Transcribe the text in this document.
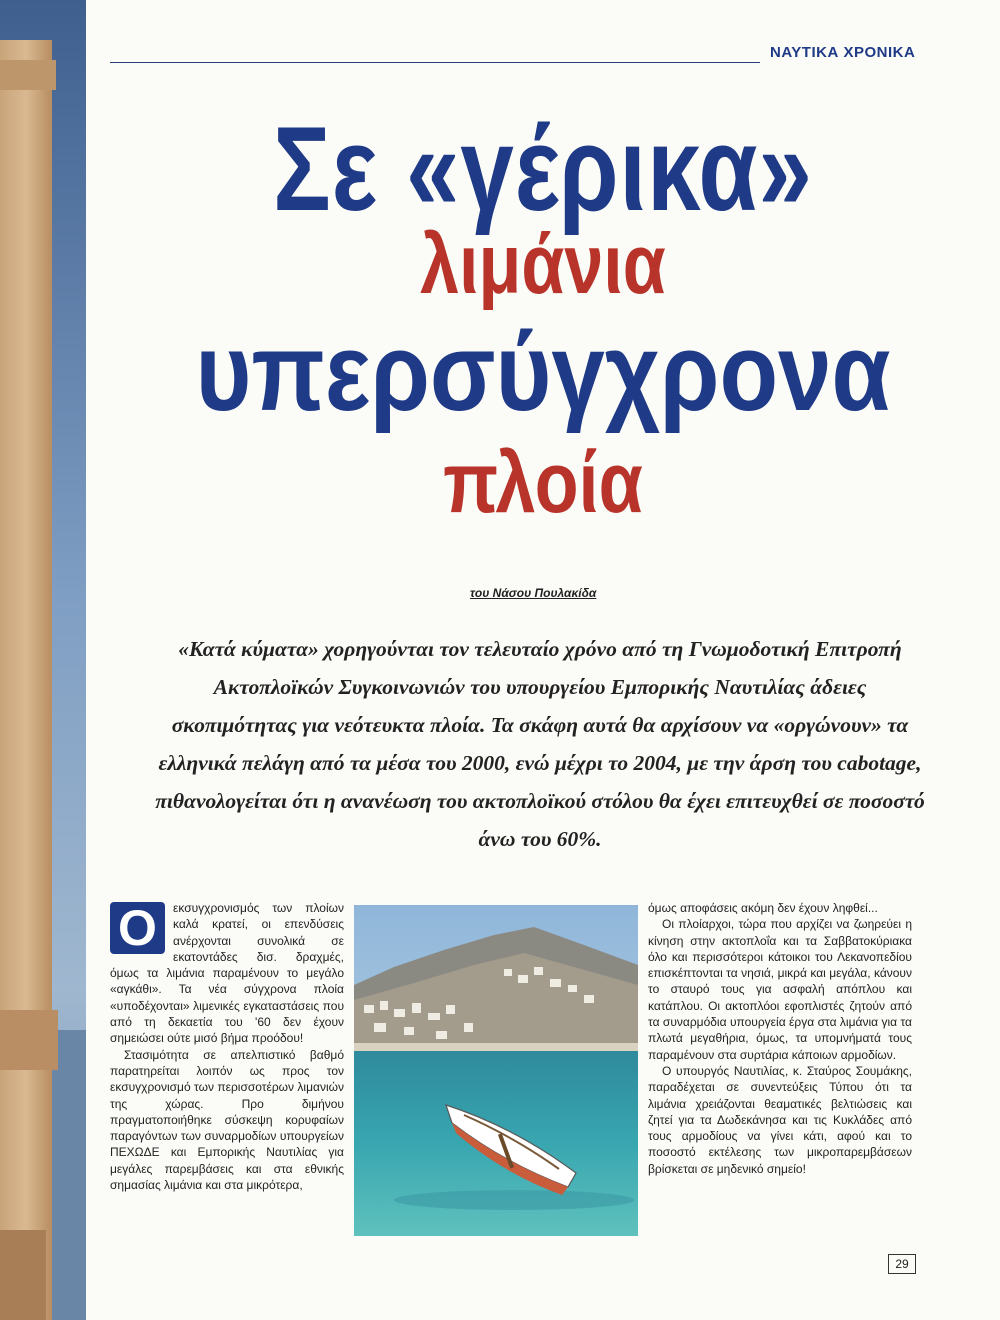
ΝΑΥΤΙΚΑ ΧΡΟΝΙΚΑ
Σε «γέρικα»
λιμάνια
υπερσύγχρονα
πλοία
του Νάσου Πουλακίδα
«Κατά κύματα» χορηγούνται τον τελευταίο χρόνο από τη Γνωμοδοτική Επιτροπή Ακτοπλοϊκών Συγκοινωνιών του υπουργείου Εμπορικής Ναυτιλίας άδειες σκοπιμότητας για νεότευκτα πλοία. Τα σκάφη αυτά θα αρχίσουν να «οργώνουν» τα ελληνικά πελάγη από τα μέσα του 2000, ενώ μέχρι το 2004, με την άρση του cabotage, πιθανολογείται ότι η ανανέωση του ακτοπλοϊκού στόλου θα έχει επιτευχθεί σε ποσοστό άνω του 60%.
Ο	εκσυγχρονισμός των πλοίων καλά κρατεί, οι επενδύσεις ανέρχονται συνολικά σε εκατοντάδες δισ. δραχμές, όμως τα λιμάνια παραμένουν το μεγάλο «αγκάθι». Τα νέα σύγχρονα πλοία «υποδέχονται» λιμενικές εγκαταστάσεις που από τη δεκαετία του '60 δεν έχουν σημειώσει ούτε μισό βήμα προόδου!

Στασιμότητα σε απελπιστικό βαθμό παρατηρείται λοιπόν ως προς τον εκσυγχρονισμό των περισσοτέρων λιμανιών της χώρας. Προ διμήνου πραγματοποιήθηκε σύσκεψη κορυφαίων παραγόντων των συναρμοδίων υπουργείων ΠΕΧΩΔΕ και Εμπορικής Ναυτιλίας για μεγάλες παρεμβάσεις και στα εθνικής σημασίας λιμάνια και στα μικρότερα,

όμως αποφάσεις ακόμη δεν έχουν ληφθεί...

Οι πλοίαρχοι, τώρα που αρχίζει να ζωηρεύει η κίνηση στην ακτοπλοΐα και τα Σαββατοκύριακα όλο και περισσότεροι κάτοικοι του Λεκανοπεδίου επισκέπτονται τα νησιά, μικρά και μεγάλα, κάνουν το σταυρό τους για ασφαλή απόπλου και κατάπλου. Οι ακτοπλόοι εφοπλιστές ζητούν από τα συναρμόδια υπουργεία έργα στα λιμάνια για τα πλωτά μεγαθήρια, όμως, τα υπομνήματά τους παραμένουν στα συρτάρια κάποιων αρμοδίων.

Ο υπουργός Ναυτιλίας, κ. Σταύρος Σουμάκης, παραδέχεται σε συνεντεύξεις Τύπου ότι τα λιμάνια χρειάζονται θεαματικές βελτιώσεις και ζητεί για τα Δωδεκάνησα και τις Κυκλάδες από τους αρμοδίους να γίνει κάτι, αφού και το ποσοστό εκτέλεσης των μικροπαρεμβάσεων βρίσκεται σε μηδενικό σημείο!

29
